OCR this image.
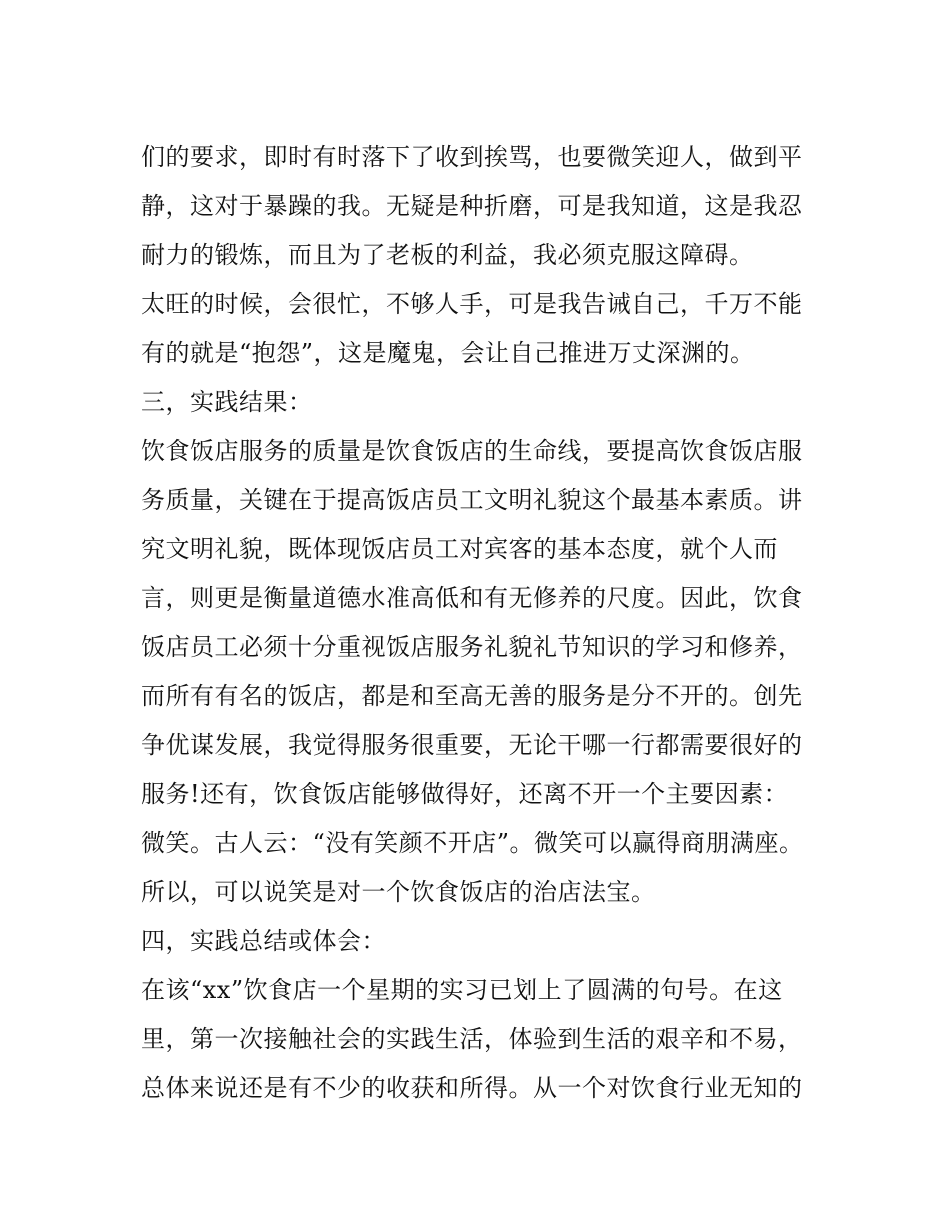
们的要求，即时有时落下了收到挨骂，也要微笑迎人，做到平
静，这对于暴躁的我。无疑是种折磨，可是我知道，这是我忍
耐力的锻炼，而且为了老板的利益，我必须克服这障碍。
太旺的时候，会很忙，不够人手，可是我告诫自己，千万不能
有的就是“抱怨”，这是魔鬼，会让自己推进万丈深渊的。
三，实践结果：
饮食饭店服务的质量是饮食饭店的生命线，要提高饮食饭店服
务质量，关键在于提高饭店员工文明礼貌这个最基本素质。讲
究文明礼貌，既体现饭店员工对宾客的基本态度，就个人而
言，则更是衡量道德水准高低和有无修养的尺度。因此，饮食
饭店员工必须十分重视饭店服务礼貌礼节知识的学习和修养，
而所有有名的饭店，都是和至高无善的服务是分不开的。创先
争优谋发展，我觉得服务很重要，无论干哪一行都需要很好的
服务!还有，饮食饭店能够做得好，还离不开一个主要因素：
微笑。古人云：“没有笑颜不开店”。微笑可以赢得商朋满座。
所以，可以说笑是对一个饮食饭店的治店法宝。
四，实践总结或体会：
在该“xx”饮食店一个星期的实习已划上了圆满的句号。在这
里，第一次接触社会的实践生活，体验到生活的艰辛和不易，
总体来说还是有不少的收获和所得。从一个对饮食行业无知的
